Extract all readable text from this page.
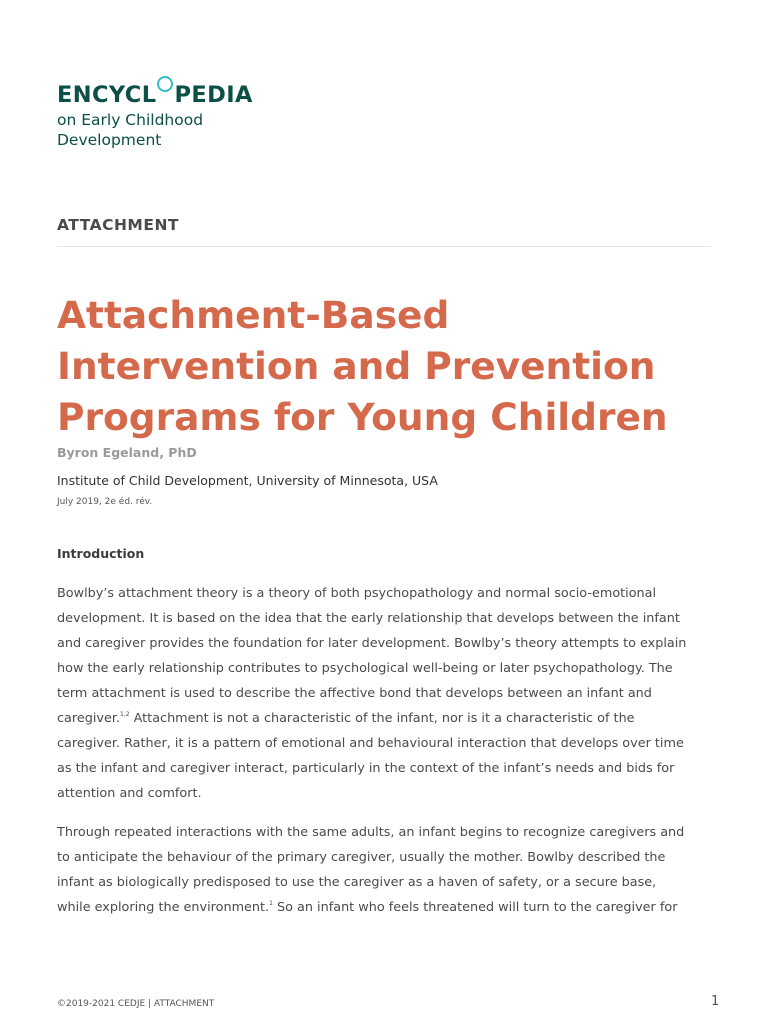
ENCYCL PEDIA
on Early Childhood
Development
ATTACHMENT
Attachment-Based
Intervention and Prevention
Programs for Young Children
Byron Egeland, PhD
Institute of Child Development, University of Minnesota, USA
July 2019, 2e éd. rév.
Introduction

Bowlby’s attachment theory is a theory of both psychopathology and normal socio-emotional
development. It is based on the idea that the early relationship that develops between the infant
and caregiver provides the foundation for later development. Bowlby’s theory attempts to explain
how the early relationship contributes to psychological well-being or later psychopathology. The
term attachment is used to describe the affective bond that develops between an infant and
caregiver.$^{1,2}$ Attachment is not a characteristic of the infant, nor is it a characteristic of the
caregiver. Rather, it is a pattern of emotional and behavioural interaction that develops over time
as the infant and caregiver interact, particularly in the context of the infant’s needs and bids for
attention and comfort.

Through repeated interactions with the same adults, an infant begins to recognize caregivers and
to anticipate the behaviour of the primary caregiver, usually the mother. Bowlby described the
infant as biologically predisposed to use the caregiver as a haven of safety, or a secure base,
while exploring the environment.$^1$ So an infant who feels threatened will turn to the caregiver for

©2019-2021 CEDJE | ATTACHMENT	1
